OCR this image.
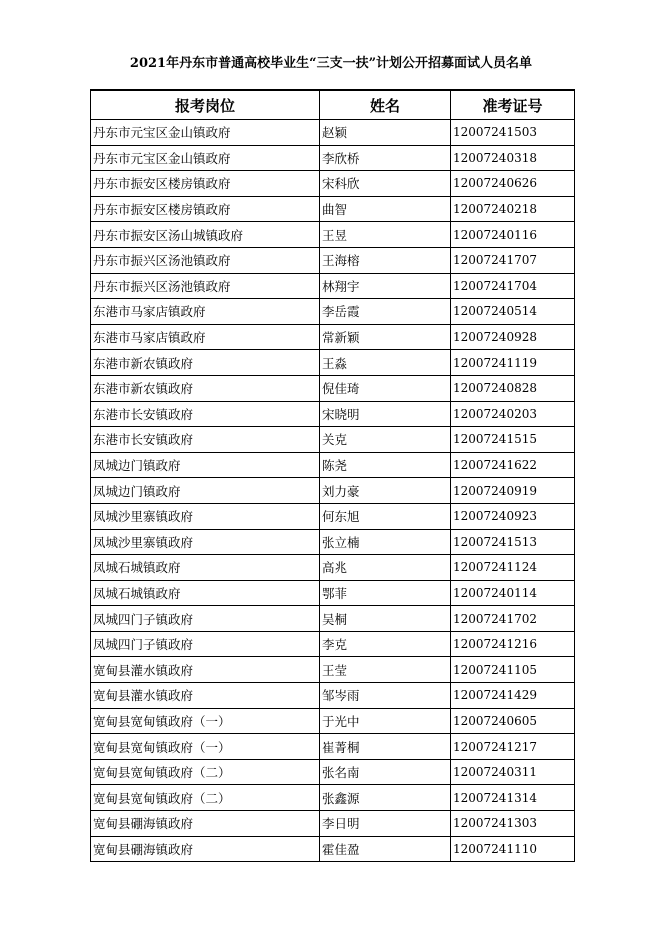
2021年丹东市普通高校毕业生“三支一扶”计划公开招募面试人员名单
报考岗位	姓名	准考证号
丹东市元宝区金山镇政府	赵颖	12007241503
丹东市元宝区金山镇政府	李欣桥	12007240318
丹东市振安区楼房镇政府	宋科欣	12007240626
丹东市振安区楼房镇政府	曲智	12007240218
丹东市振安区汤山城镇政府	王昱	12007240116
丹东市振兴区汤池镇政府	王海榕	12007241707
丹东市振兴区汤池镇政府	林翔宇	12007241704
东港市马家店镇政府	李岳霞	12007240514
东港市马家店镇政府	常新颖	12007240928
东港市新农镇政府	王淼	12007241119
东港市新农镇政府	倪佳琦	12007240828
东港市长安镇政府	宋晓明	12007240203
东港市长安镇政府	关克	12007241515
凤城边门镇政府	陈尧	12007241622
凤城边门镇政府	刘力豪	12007240919
凤城沙里寨镇政府	何东旭	12007240923
凤城沙里寨镇政府	张立楠	12007241513
凤城石城镇政府	高兆	12007241124
凤城石城镇政府	鄂菲	12007240114
凤城四门子镇政府	吴桐	12007241702
凤城四门子镇政府	李克	12007241216
宽甸县灌水镇政府	王莹	12007241105
宽甸县灌水镇政府	邹岑雨	12007241429
宽甸县宽甸镇政府（一）	于光中	12007240605
宽甸县宽甸镇政府（一）	崔菁桐	12007241217
宽甸县宽甸镇政府（二）	张名南	12007240311
宽甸县宽甸镇政府（二）	张鑫源	12007241314
宽甸县硼海镇政府	李日明	12007241303
宽甸县硼海镇政府	霍佳盈	12007241110
